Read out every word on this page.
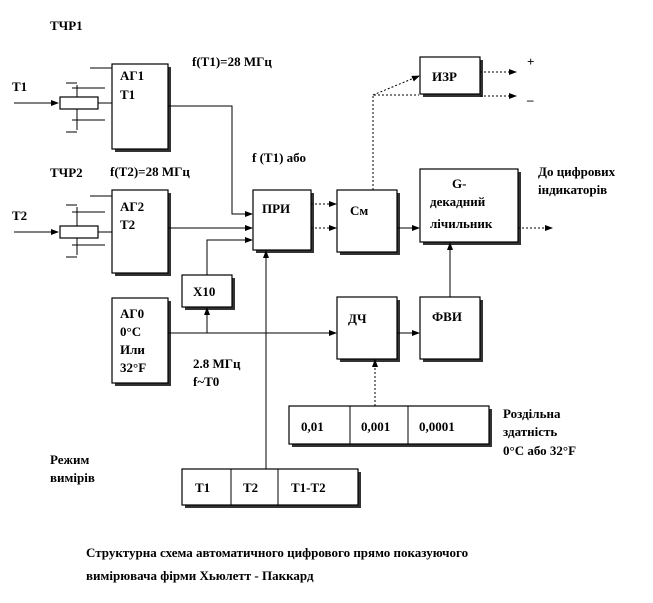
ТЧР1
ТЧР2
Т1
Т2
АГ1
Т1
АГ2
Т2
АГ0
0°С
Или
32°F
Х10
ПРИ	См
ИЗР
ДЧ	ФВИ
G-
декадний
лічильник
f(T1)=28 МГц
f(T2)=28 МГц
f (T1) або
2.8 МГц
f~T0
+
–
До цифрових
індикаторів
Роздільна
здатність
0°С або 32°F
0,01	0,001 0,0001
Режим
вимірів
Т1	Т2	Т1-Т2
Структурна схема автоматичного цифрового прямо показуючого
вимірювача фірми Хьюлетт - Паккард
